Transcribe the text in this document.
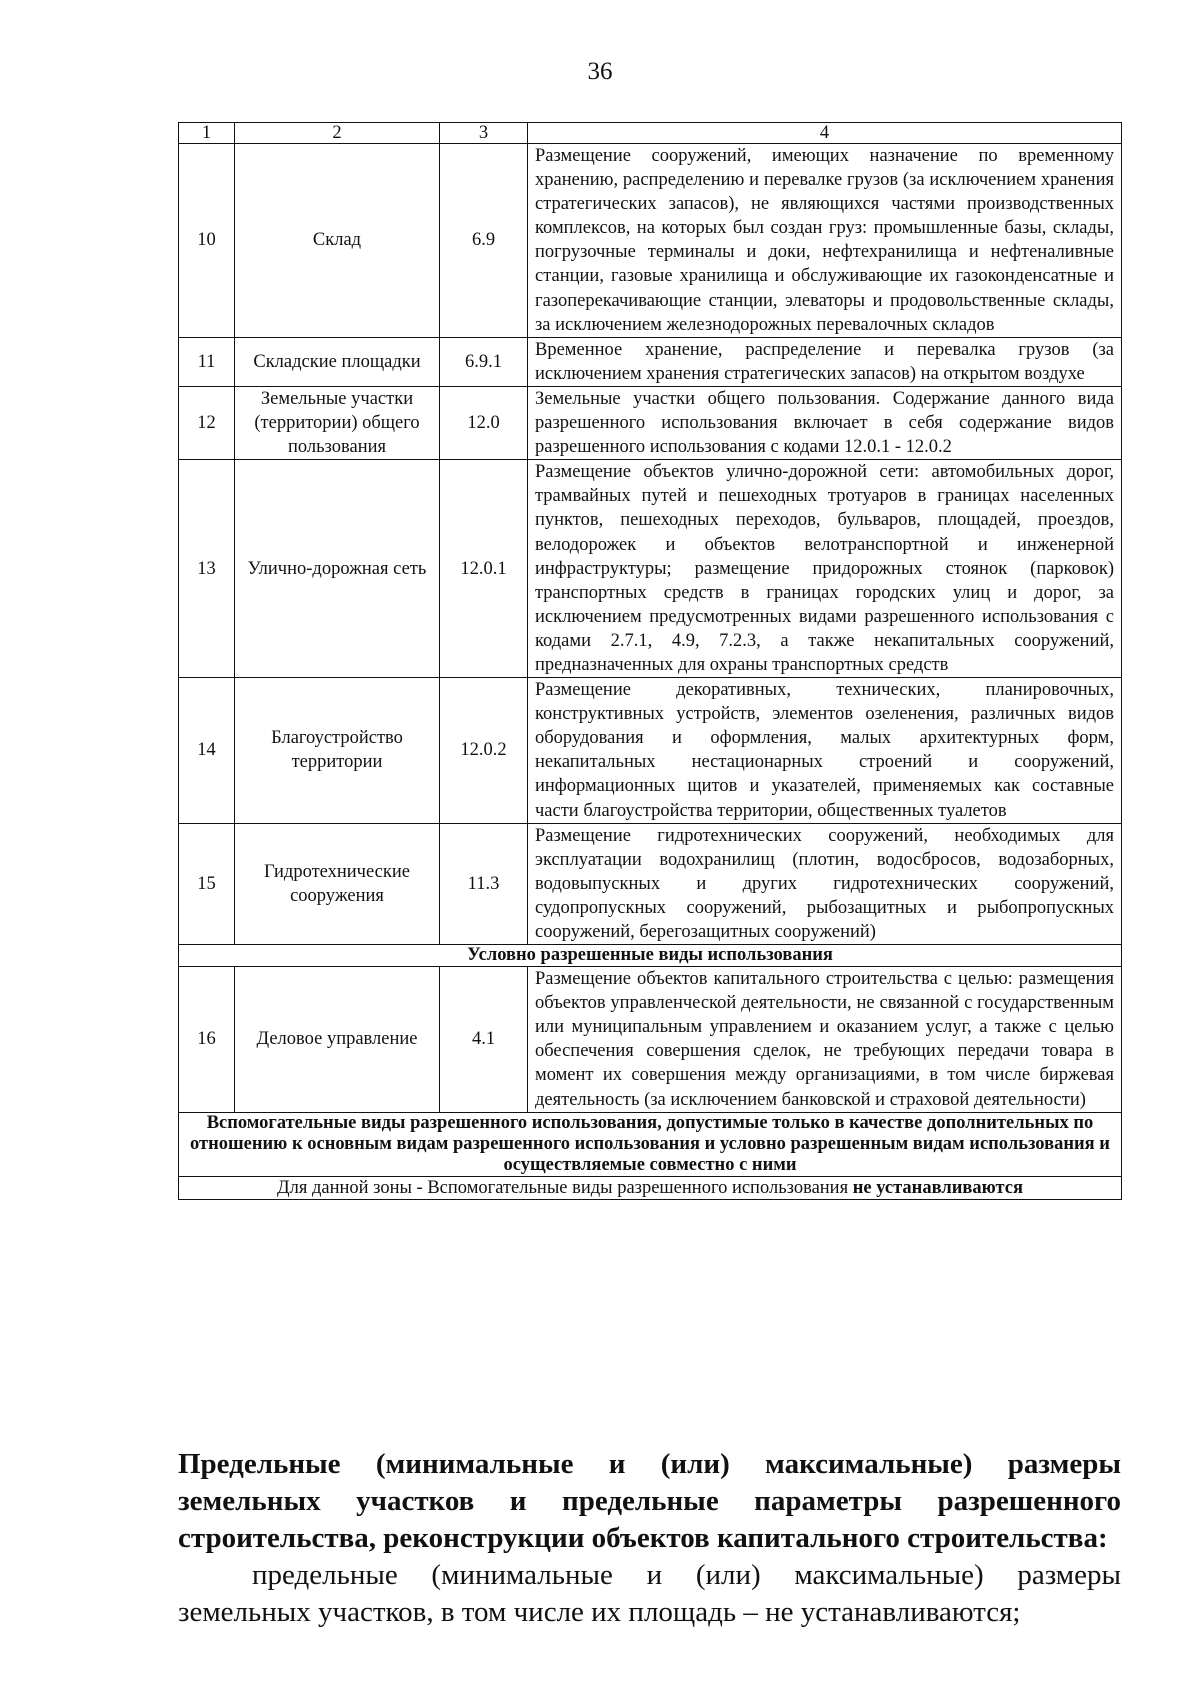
36
1	2	3	4
10	Склад	6.9	Размещение сооружений, имеющих назначение по временному хранению, распределению и перевалке грузов (за исключением хранения стратегических запасов), не являющихся частями производственных комплексов, на которых был создан груз: промышленные базы, склады, погрузочные терминалы и доки, нефтехранилища и нефтеналивные станции, газовые хранилища и обслуживающие их газоконденсатные и газоперекачивающие станции, элеваторы и продовольственные склады, за исключением железнодорожных перевалочных складов
11	Складские площадки	6.9.1	Временное хранение, распределение и перевалка грузов (за исключением хранения стратегических запасов) на открытом воздухе
12	Земельные участки (территории) общего пользования	12.0	Земельные участки общего пользования. Содержание данного вида разрешенного использования включает в себя содержание видов разрешенного использования с кодами 12.0.1 - 12.0.2
13	Улично-дорожная сеть	12.0.1	Размещение объектов улично-дорожной сети: автомобильных дорог, трамвайных путей и пешеходных тротуаров в границах населенных пунктов, пешеходных переходов, бульваров, площадей, проездов, велодорожек и объектов велотранспортной и инженерной инфраструктуры; размещение придорожных стоянок (парковок) транспортных средств в границах городских улиц и дорог, за исключением предусмотренных видами разрешенного использования с кодами 2.7.1, 4.9, 7.2.3, а также некапитальных сооружений, предназначенных для охраны транспортных средств
14	Благоустройство территории	12.0.2	Размещение декоративных, технических, планировочных, конструктивных устройств, элементов озеленения, различных видов оборудования и оформления, малых архитектурных форм, некапитальных нестационарных строений и сооружений, информационных щитов и указателей, применяемых как составные части благоустройства территории, общественных туалетов
15	Гидротехнические сооружения	11.3	Размещение гидротехнических сооружений, необходимых для эксплуатации водохранилищ (плотин, водосбросов, водозаборных, водовыпускных и других гидротехнических сооружений, судопропускных сооружений, рыбозащитных и рыбопропускных сооружений, берегозащитных сооружений)
Условно разрешенные виды использования			
16	Деловое управление	4.1	Размещение объектов капитального строительства с целью: размещения объектов управленческой деятельности, не связанной с государственным или муниципальным управлением и оказанием услуг, а также с целью обеспечения совершения сделок, не требующих передачи товара в момент их совершения между организациями, в том числе биржевая деятельность (за исключением банковской и страховой деятельности)
Вспомогательные виды разрешенного использования, допустимые только в качестве дополнительных по отношению к основным видам разрешенного использования и условно разрешенным видам использования и осуществляемые совместно с ними			
Для данной зоны - Вспомогательные виды разрешенного использования не устанавливаются			

Предельные (минимальные и (или) максимальные) размеры земельных участков и предельные параметры разрешенного строительства, реконструкции объектов капитального строительства:

предельные (минимальные и (или) максимальные) размеры земельных участков, в том числе их площадь – не устанавливаются;
